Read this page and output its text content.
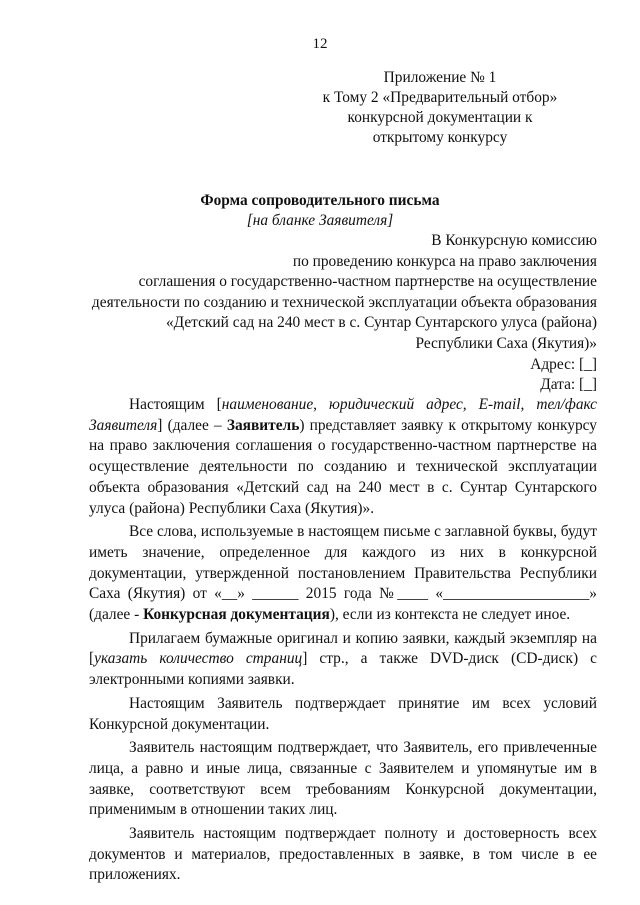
12
Приложение № 1
к Тому 2 «Предварительный отбор»
конкурсной документации к
открытому конкурсу
Форма сопроводительного письма
[на бланке Заявителя]
В Конкурсную комиссию
по проведению конкурса на право заключения
соглашения о государственно-частном партнерстве на осуществление
деятельности по созданию и технической эксплуатации объекта образования
«Детский сад на 240 мест в с. Сунтар Сунтарского улуса (района)
Республики Саха (Якутия)»
Адрес: [_]
Дата: [_]

Настоящим [наименование, юридический адрес, E-mail, тел/факс Заявителя] (далее – Заявитель) представляет заявку к открытому конкурсу на право заключения соглашения о государственно-частном партнерстве на осуществление деятельности по созданию и технической эксплуатации объекта образования «Детский сад на 240 мест в с. Сунтар Сунтарского улуса (района) Республики Саха (Якутия)».

Все слова, используемые в настоящем письме с заглавной буквы, будут иметь значение, определенное для каждого из них в конкурсной документации, утвержденной постановлением Правительства Республики Саха (Якутия) от «__» ______ 2015 года №____ «___________________» (далее - Конкурсная документация), если из контекста не следует иное.

Прилагаем бумажные оригинал и копию заявки, каждый экземпляр на [указать количество страниц] стр., а также DVD-диск (CD-диск) с электронными копиями заявки.

Настоящим Заявитель подтверждает принятие им всех условий Конкурсной документации.

Заявитель настоящим подтверждает, что Заявитель, его привлеченные лица, а равно и иные лица, связанные с Заявителем и упомянутые им в заявке, соответствуют всем требованиям Конкурсной документации, применимым в отношении таких лиц.

Заявитель настоящим подтверждает полноту и достоверность всех документов и материалов, предоставленных в заявке, в том числе в ее приложениях.
